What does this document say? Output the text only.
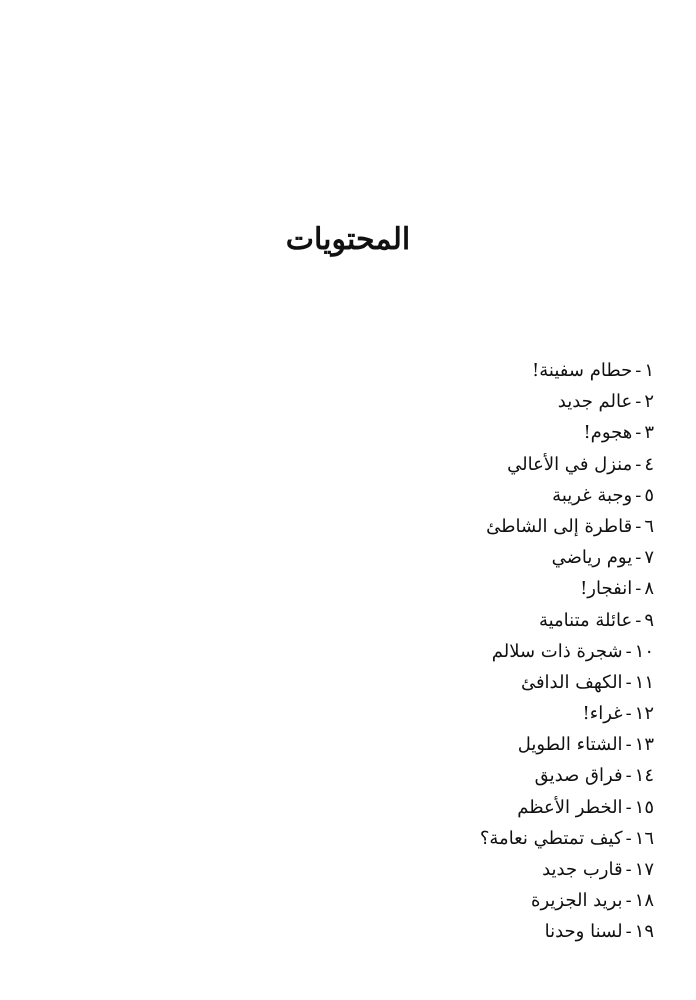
المحتويات
١-حطام سفينة!
٢-عالم جديد
٣-هجوم!
٤-منزل في الأعالي
٥-وجبة غريبة
٦-قاطرة إلى الشاطئ
٧-يوم رياضي
٨-انفجار!
٩-عائلة متنامية
١٠-شجرة ذات سلالم
١١-الكهف الدافئ
١٢-غراء!
١٣-الشتاء الطويل
١٤-فراق صديق
١٥-الخطر الأعظم
١٦-كيف تمتطي نعامة؟
١٧-قارب جديد
١٨-بريد الجزيرة
١٩-لسنا وحدنا
